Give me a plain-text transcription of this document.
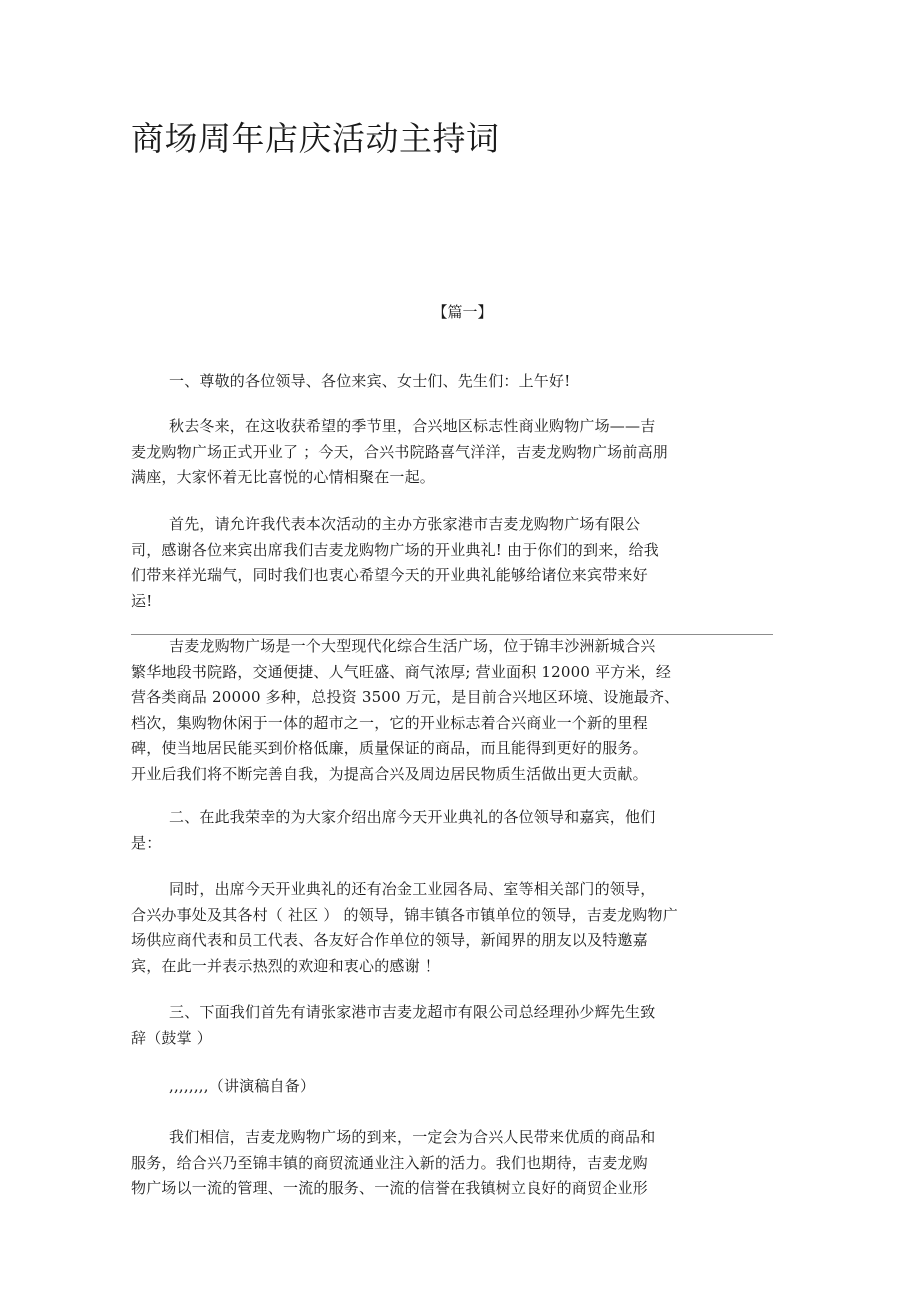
商场周年店庆活动主持词
【篇一】

一、尊敬的各位领导、各位来宾、女士们、先生们：上午好!

秋去冬来，在这收获希望的季节里，合兴地区标志性商业购物广场——吉
麦龙购物广场正式开业了 ；今天，合兴书院路喜气洋洋，吉麦龙购物广场前高朋
满座，大家怀着无比喜悦的心情相聚在一起。

首先，请允许我代表本次活动的主办方张家港市吉麦龙购物广场有限公
司，感谢各位来宾出席我们吉麦龙购物广场的开业典礼! 由于你们的到来，给我
们带来祥光瑞气，同时我们也衷心希望今天的开业典礼能够给诸位来宾带来好
运!

吉麦龙购物广场是一个大型现代化综合生活广场，位于锦丰沙洲新城合兴
繁华地段书院路，交通便捷、人气旺盛、商气浓厚; 营业面积 12000 平方米，经
营各类商品 20000 多种，总投资 3500 万元，是目前合兴地区环境、设施最齐、
档次，集购物休闲于一体的超市之一，它的开业标志着合兴商业一个新的里程
碑，使当地居民能买到价格低廉，质量保证的商品，而且能得到更好的服务。
开业后我们将不断完善自我，为提高合兴及周边居民物质生活做出更大贡献。

二、在此我荣幸的为大家介绍出席今天开业典礼的各位领导和嘉宾，他们
是：

同时，出席今天开业典礼的还有冶金工业园各局、室等相关部门的领导，
合兴办事处及其各村（ 社区 ） 的领导，锦丰镇各市镇单位的领导，吉麦龙购物广
场供应商代表和员工代表、各友好合作单位的领导，新闻界的朋友以及特邀嘉
宾，在此一并表示热烈的欢迎和衷心的感谢 ！

三、下面我们首先有请张家港市吉麦龙超市有限公司总经理孙少辉先生致
辞（鼓掌 ）

,,,,,,,,（讲演稿自备）

我们相信，吉麦龙购物广场的到来，一定会为合兴人民带来优质的商品和
服务，给合兴乃至锦丰镇的商贸流通业注入新的活力。我们也期待，吉麦龙购
物广场以一流的管理、一流的服务、一流的信誉在我镇树立良好的商贸企业形
